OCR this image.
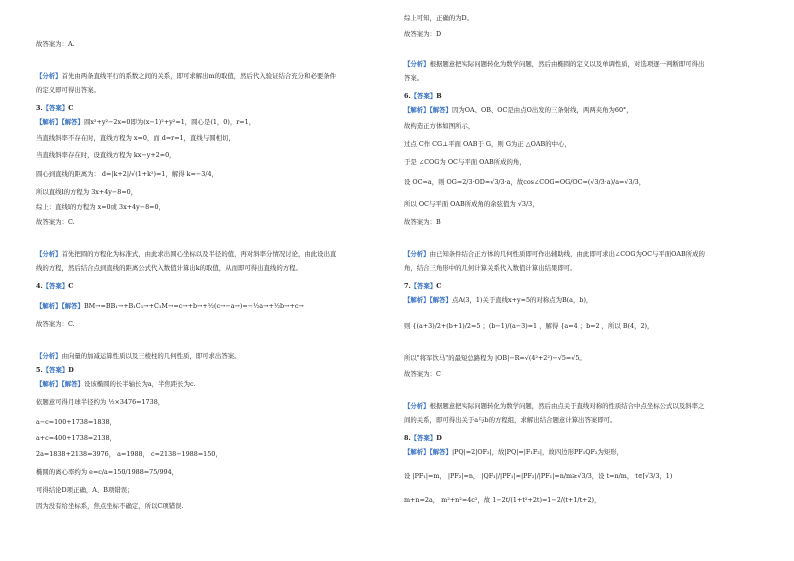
故答案为：A.
【分析】首先由两条直线平行的系数之间的关系，即可求解出m的取值，然后代入验证结合充分和必要条件
的定义即可得出答案。
3.【答案】C
【解析】【解答】圆x²+y²−2x=0即为(x−1)²+y²=1，圆心是(1，0)，r=1，
当直线斜率不存在时，直线方程为 x=0，而 d=r=1，直线与圆相切，
当直线斜率存在时，设直线方程为 kx−y+2=0，
圆心到直线的距离为： d=|k+2|/√(1+k²)=1，解得 k=−3/4，
所以直线l的方程为 3x+4y−8=0，
综上：直线l的方程为 x=0或 3x+4y−8=0，
故答案为：C.
【分析】首先把圆的方程化为标准式，由此求出圆心坐标以及半径的值，再对斜率分情况讨论，由此设出直
线的方程，然后结合点到直线的距离公式代入数值计算出k的取值，从而即可得出直线的方程。
4.【答案】C
【解析】【解答】BM→=BB₁→+B₁C₁→+C₁M→=c→+b→+½(c→−a→)=−½a→+½b→+c→
故答案为：C.
【分析】由向量的加减运算性质以及三棱柱的几何性质，即可求出答案。
5.【答案】D
【解析】【解答】设该椭圆的长半轴长为a，半焦距长为c.
依题意可得月球半径约为 ½×3476=1738，
a−c=100+1738=1838，
a+c=400+1738=2138，
2a=1838+2138=3976， a=1988， c=2138−1988=150，
椭圆的离心率约为 e=c/a=150/1988=75/994，
可得结论D项正确，A、B项错误；
因为没有给坐标系，焦点坐标不确定，所以C项错误.
综上可知，正确的为D。
故答案为：D
【分析】根据题意把实际问题转化为数学问题，然后由椭圆的定义以及单调性质，对选项逐一判断即可得出
答案。
6.【答案】B
【解析】【解答】因为OA、OB、OC是由点O出发的三条射线，两两夹角为60°，
故构造正方体如图所示，
过点 C作 CG⊥平面 OAB于 G，则 G为正 △OAB的中心，
于是 ∠COG为 OC与平面 OAB所成的角，
设 OC=a，则 OG=2/3·OD=√3/3·a，故cos∠COG=OG/OC=(√3/3·a)/a=√3/3，
所以 OC与平面 OAB所成角的余弦值为 √3/3，
故答案为：B
【分析】由已知条件结合正方体的几何性质即可作出辅助线，由此即可求出∠COG为OC与平面OAB所成的
角，结合三角形中的几何计算关系代入数值计算出结果即可。
7.【答案】C
【解析】【解答】点A(3，1)关于直线x+y=5的对称点为B(a，b)，
则 {(a+3)/2+(b+1)/2=5 ；(b−1)/(a−3)=1 ，解得 {a=4 ；b=2 ，所以 B(4，2)，
所以"将军饮马"的最短总路程为 |OB|−R=√(4²+2²)−√5=√5。
故答案为：C
【分析】根据题意把实际问题转化为数学问题，然后由点关于直线对称的性质结合中点坐标公式以及斜率之
间的关系，即可得出关于a与b的方程组，求解出结合题意计算出答案即可。
8.【答案】D
【解析】【解答】|PQ|=2|OF₂|，故|PQ|=|F₁F₂|，故四边形PF₁QF₂为矩形，
设 |PF₁|=m， |PF₂|=n， |QF₁|/|PF₁|=|PF₂|/|PF₁|=n/m≥√3/3，设 t=n/m， t∈[√3/3，1)
m+n=2a， m²+n²=4c²，故 1−2t/(1+t²+2t)=1−2/(t+1/t+2)，
